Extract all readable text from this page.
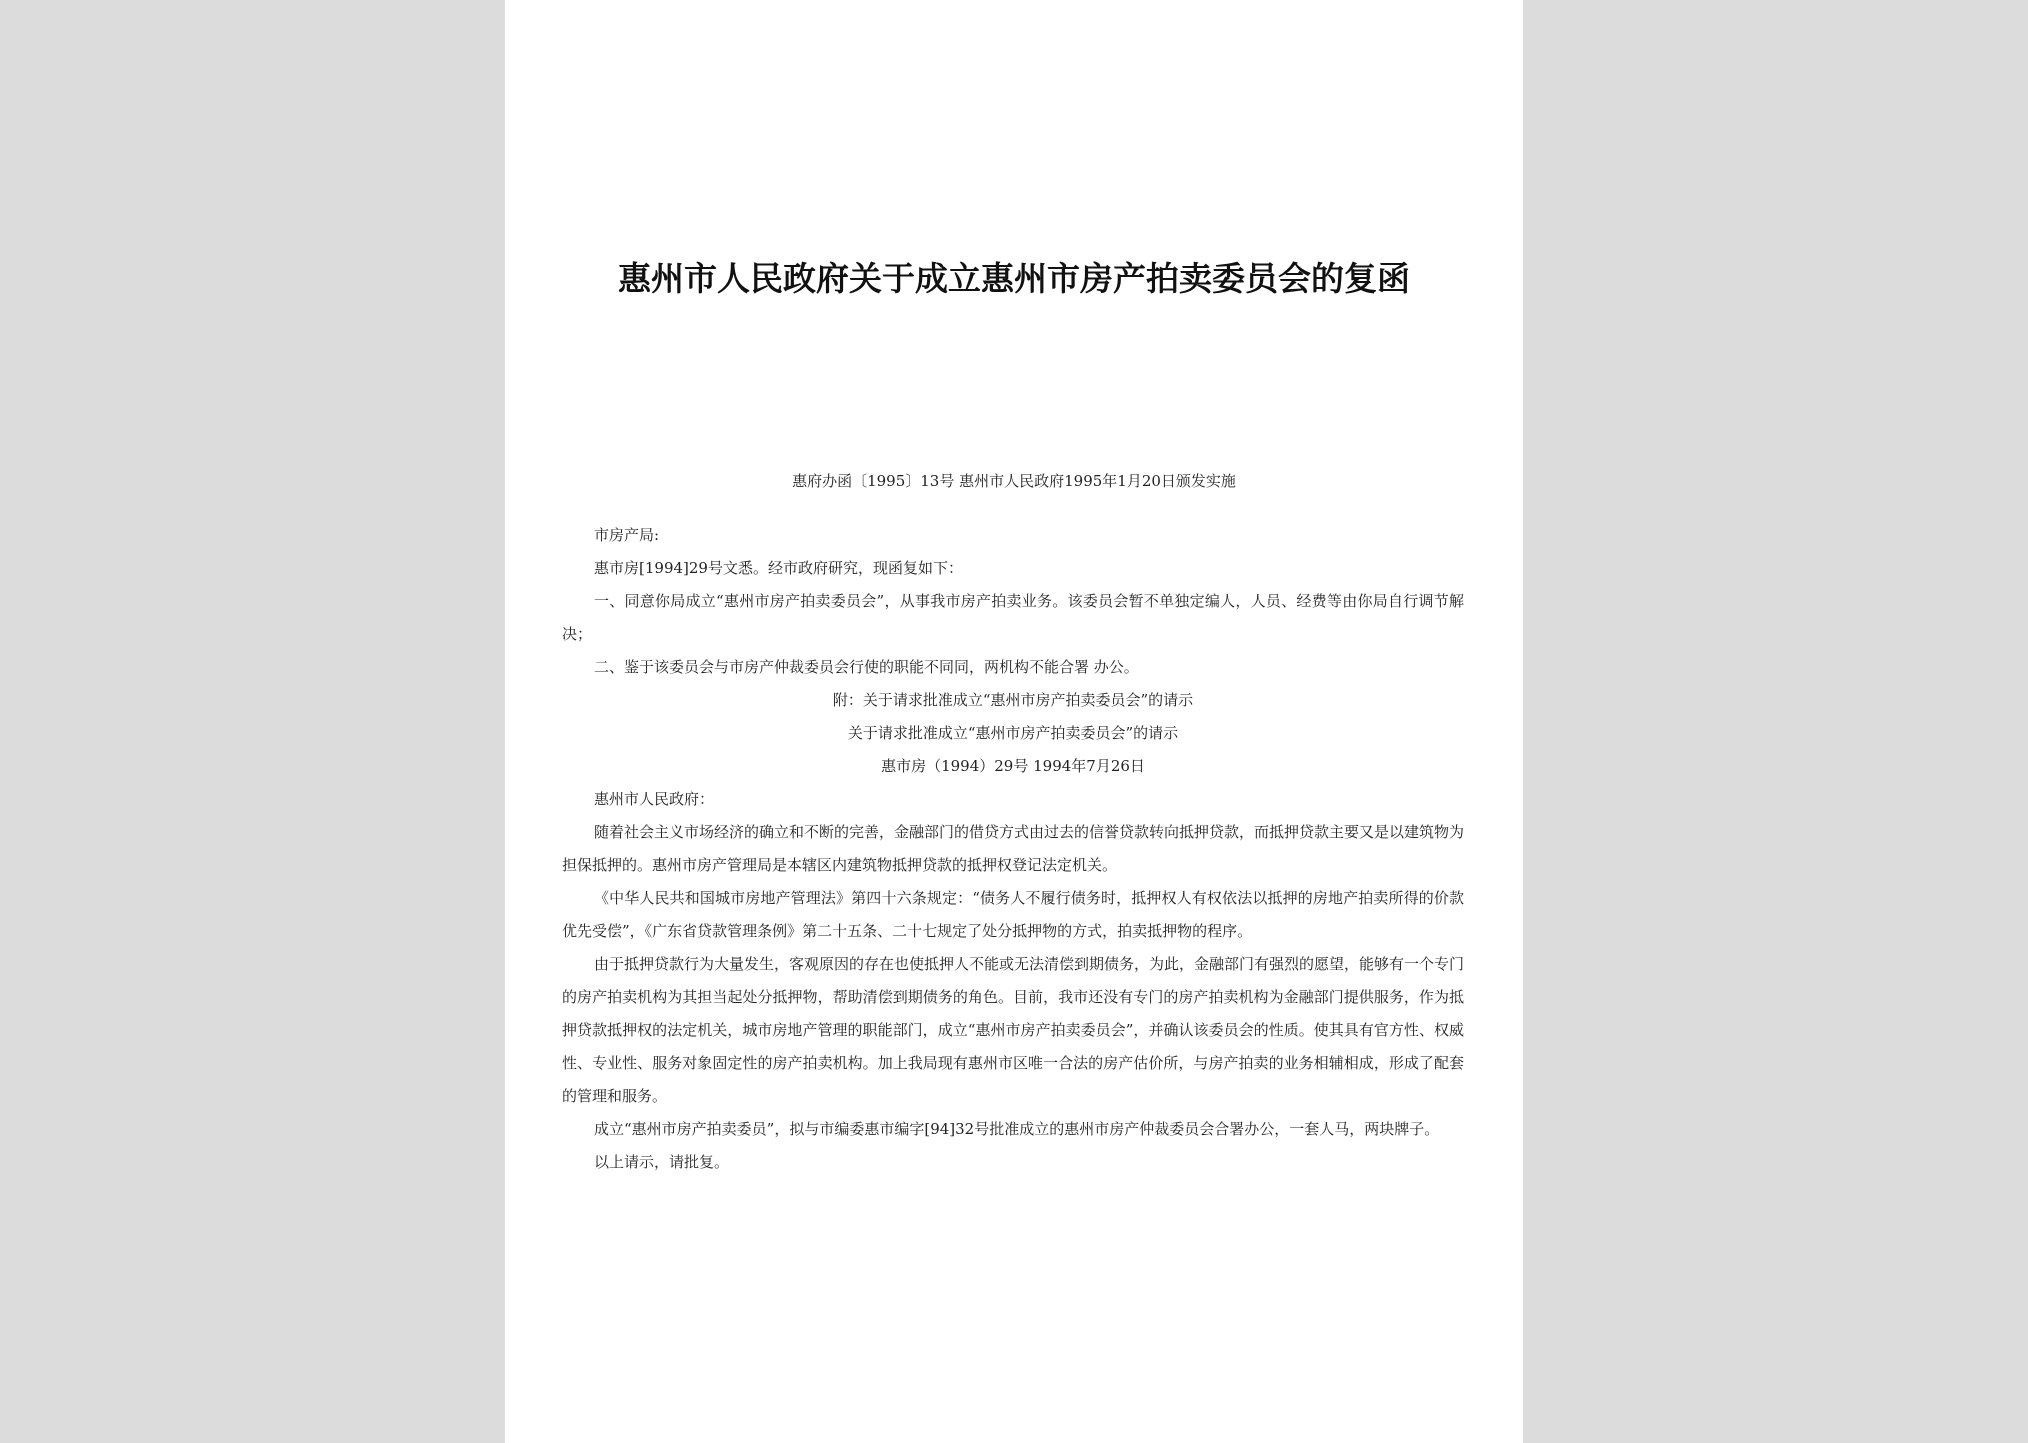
惠州市人民政府关于成立惠州市房产拍卖委员会的复函
惠府办函〔1995〕13号 惠州市人民政府1995年1月20日颁发实施

市房产局:

惠市房[1994]29号文悉。经市政府研究，现函复如下：

一、同意你局成立“惠州市房产拍卖委员会”，从事我市房产拍卖业务。该委员会暂不单独定编人，人员、经费等由你局自行调节解决；

二、鉴于该委员会与市房产仲裁委员会行使的职能不同同，两机构不能合署 办公。

附：关于请求批准成立“惠州市房产拍卖委员会”的请示

关于请求批准成立“惠州市房产拍卖委员会”的请示

惠市房（1994）29号 1994年7月26日

惠州市人民政府：

随着社会主义市场经济的确立和不断的完善，金融部门的借贷方式由过去的信誉贷款转向抵押贷款，而抵押贷款主要又是以建筑物为担保抵押的。惠州市房产管理局是本辖区内建筑物抵押贷款的抵押权登记法定机关。

《中华人民共和国城市房地产管理法》第四十六条规定：“债务人不履行债务时，抵押权人有权依法以抵押的房地产拍卖所得的价款优先受偿”，《广东省贷款管理条例》第二十五条、二十七规定了处分抵押物的方式，拍卖抵押物的程序。

由于抵押贷款行为大量发生，客观原因的存在也使抵押人不能或无法清偿到期债务，为此，金融部门有强烈的愿望，能够有一个专门的房产拍卖机构为其担当起处分抵押物，帮助清偿到期债务的角色。目前，我市还没有专门的房产拍卖机构为金融部门提供服务，作为抵押贷款抵押权的法定机关，城市房地产管理的职能部门，成立“惠州市房产拍卖委员会”，并确认该委员会的性质。使其具有官方性、权威性、专业性、服务对象固定性的房产拍卖机构。加上我局现有惠州市区唯一合法的房产估价所，与房产拍卖的业务相辅相成，形成了配套的管理和服务。

成立“惠州市房产拍卖委员”，拟与市编委惠市编字[94]32号批准成立的惠州市房产仲裁委员会合署办公，一套人马，两块牌子。

以上请示，请批复。
